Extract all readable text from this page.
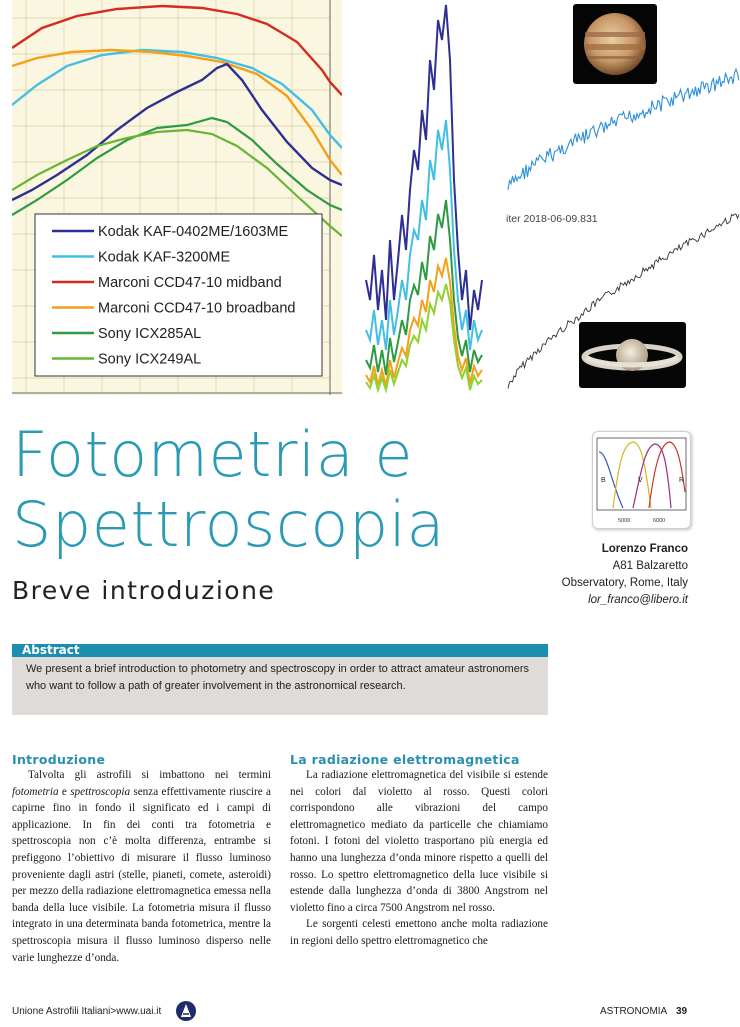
Kodak KAF-0402ME/1603ME
Kodak KAF-3200ME
Marconi CCD47-10 midband
Marconi CCD47-10 broadband
Sony ICX285AL
Sony ICX249AL
iter 2018-06-09.831
Fotometria e
Spettroscopia
Breve introduzione
B	V	R
5000	6000
Lorenzo Franco
A81 Balzaretto
Observatory, Rome, Italy
lor_franco@libero.it
Abstract
We present a brief introduction to photometry and spectroscopy in order to attract amateur astronomers who want to follow a path of greater involvement in the astronomical research.
Introduzione

Talvolta gli astrofili si imbattono nei termini fotometria e spettroscopia senza effettivamente riuscire a capirne fino in fondo il significato ed i campi di applicazione. In fin dei conti tra fotometria e spettroscopia non c’è molta differenza, entrambe si prefiggono l’obiettivo di misurare il flusso luminoso proveniente dagli astri (stelle, pianeti, comete, asteroidi) per mezzo della radiazione elettromagnetica emessa nella banda della luce visibile. La fotometria misura il flusso integrato in una determinata banda fotometrica, mentre la spettroscopia misura il flusso luminoso disperso nelle varie lunghezze d’onda.

La radiazione elettromagnetica

La radiazione elettromagnetica del visibile si estende nei colori dal violetto al rosso. Questi colori corrispondono alle vibrazioni del campo elettromagnetico mediato da particelle che chiamiamo fotoni. I fotoni del violetto trasportano più energia ed hanno una lunghezza d’onda minore rispetto a quelli del rosso. Lo spettro elettromagnetico della luce visibile si estende dalla lunghezza d’onda di 3800 Angstrom nel violetto fino a circa 7500 Angstrom nel rosso.

Le sorgenti celesti emettono anche molta radiazione in regioni dello spettro elettromagnetico che

Unione Astrofili Italiani>www.uai.it	ASTRONOMIA 39
